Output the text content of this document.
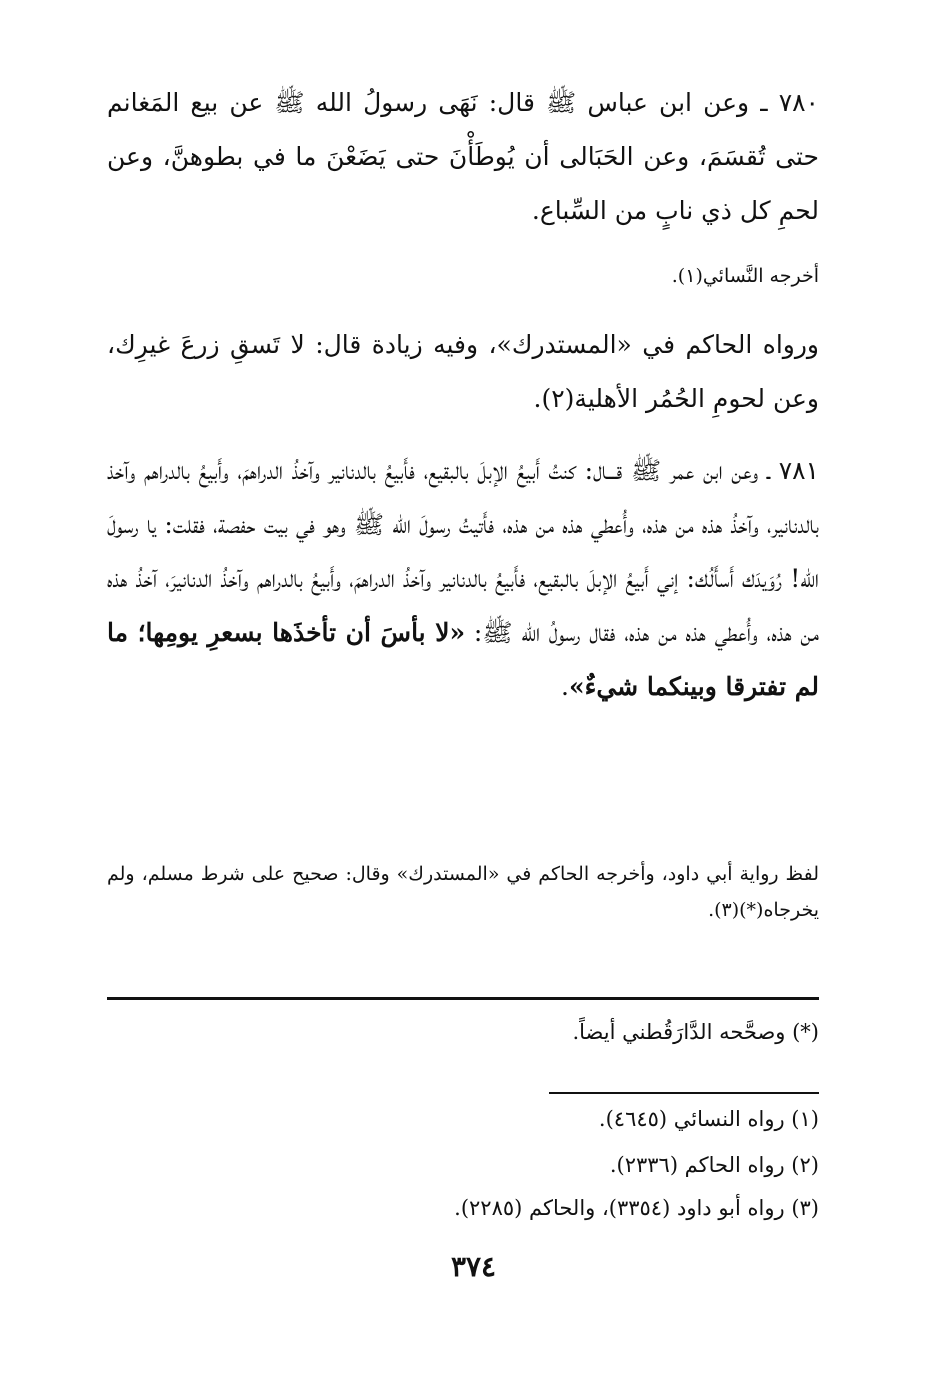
٧٨٠ ـ وعن ابن عباس ﷺ قال: نَهَى رسولُ الله ﷺ عن بيع المَغانم حتى تُقسَمَ، وعن الحَبَالى أن يُوطَأْنَ حتى يَضَعْنَ ما في بطوهنَّ، وعن لحمِ كل ذي نابٍ من السِّباع.
أخرجه النَّسائي(١).
ورواه الحاكم في «المستدرك»، وفيه زيادة قال: لا تَسقِ زرعَ غيرِك، وعن لحومِ الحُمُر الأهلية(٢).
٧٨١ ـ وعن ابن عمر ﷺ قـــال: كنتُ أَبيعُ الإبلَ بالبقيع، فأَبيعُ بالدنانير وآخذُ الدراهمَ، وأَبيعُ بالدراهم وآخذ بالدنانير، وآخذُ هذه من هذه، وأُعطي هذه من هذه، فأَتيتُ رسولَ الله ﷺ وهو في بيت حفصة، فقلت: يا رسولَ الله! رُوَيدَك أَسأَلُك: إني أَبيعُ الإبلَ بالبقيع، فأَبيعُ بالدنانير وآخذُ الدراهمَ، وأَبيعُ بالدراهم وآخذُ الدنانيرَ، آخذُ هذه من هذه، وأُعطي هذه من هذه، فقال رسولُ الله ﷺ: «لا بأسَ أن تأخذَها بسعرِ يومِها؛ ما لم تفترقا وبينكما شيءٌ».
لفظ رواية أبي داود، وأخرجه الحاكم في «المستدرك» وقال: صحيح على شرط مسلم، ولم يخرجاه(*)(٣).
(*) وصحَّحه الدَّارَقُطني أيضاً.
(١) رواه النسائي (٤٦٤٥).
(٢) رواه الحاكم (٢٣٣٦).
(٣) رواه أبو داود (٣٣٥٤)، والحاكم (٢٢٨٥).
٣٧٤
